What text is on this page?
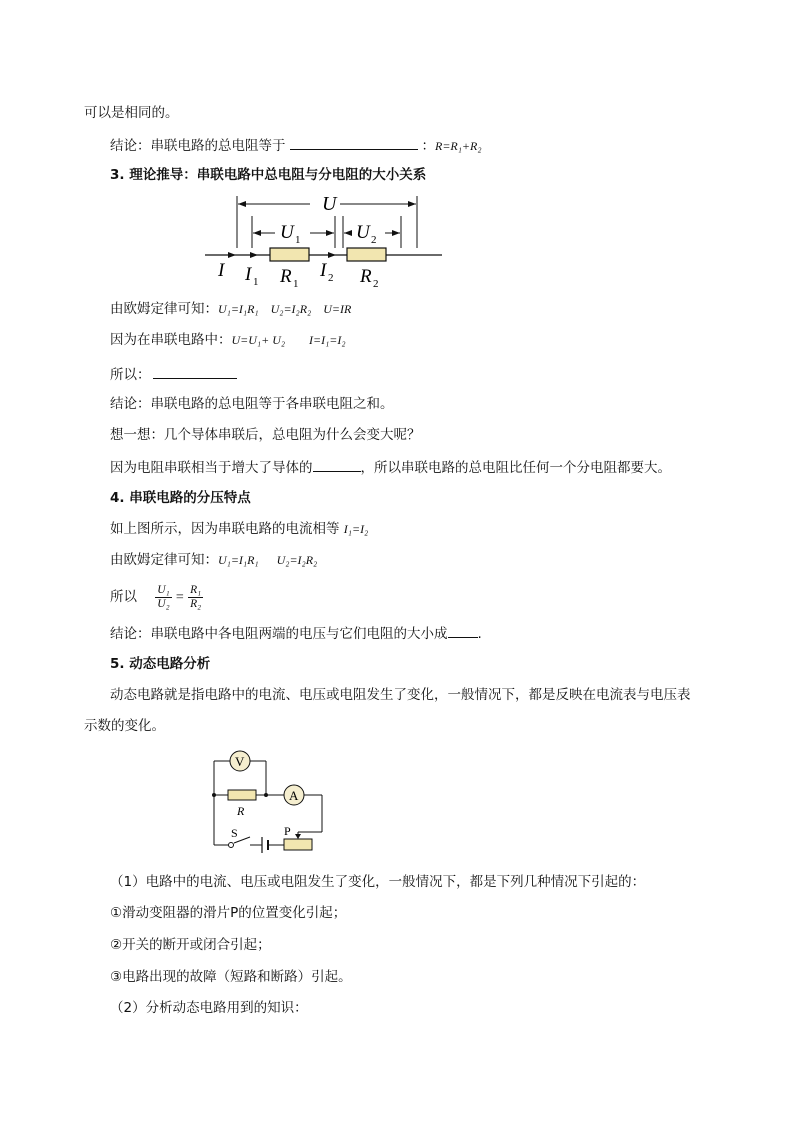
可以是相同的。
结论：串联电路的总电阻等于	：R=R₁+R₂
3. 理论推导：串联电路中总电阻与分电阻的大小关系
U
U 1	U 2
I I 1 R 1
I 2 R 2
由欧姆定律可知：U₁=I₁R₁    U₂=I₂R₂    U=IR
因为在串联电路中：U=U₁+ U₂        I=I₁=I₂
所以：
结论：串联电路的总电阻等于各串联电阻之和。
想一想：几个导体串联后，总电阻为什么会变大呢？
因为电阻串联相当于增大了导体的	，所以串联电路的总电阻比任何一个分电阻都要大。
4. 串联电路的分压特点
如上图所示，因为串联电路的电流相等 I₁=I₂
由欧姆定律可知：U₁=I₁R₁      U₂=I₂R₂
所以 $\frac{\text{U₁}}{\text{U₂}} = \frac{\text{R₁}}{\text{R₂}}$
结论：串联电路中各电阻两端的电压与它们电阻的大小成 .
5. 动态电路分析
动态电路就是指电路中的电流、电压或电阻发生了变化，一般情况下，都是反映在电流表与电压表
示数的变化。
V
R
A
P
S
（1）电路中的电流、电压或电阻发生了变化，一般情况下，都是下列几种情况下引起的：
①滑动变阻器的滑片P的位置变化引起；
②开关的断开或闭合引起；
③电路出现的故障（短路和断路）引起。
（2）分析动态电路用到的知识：
